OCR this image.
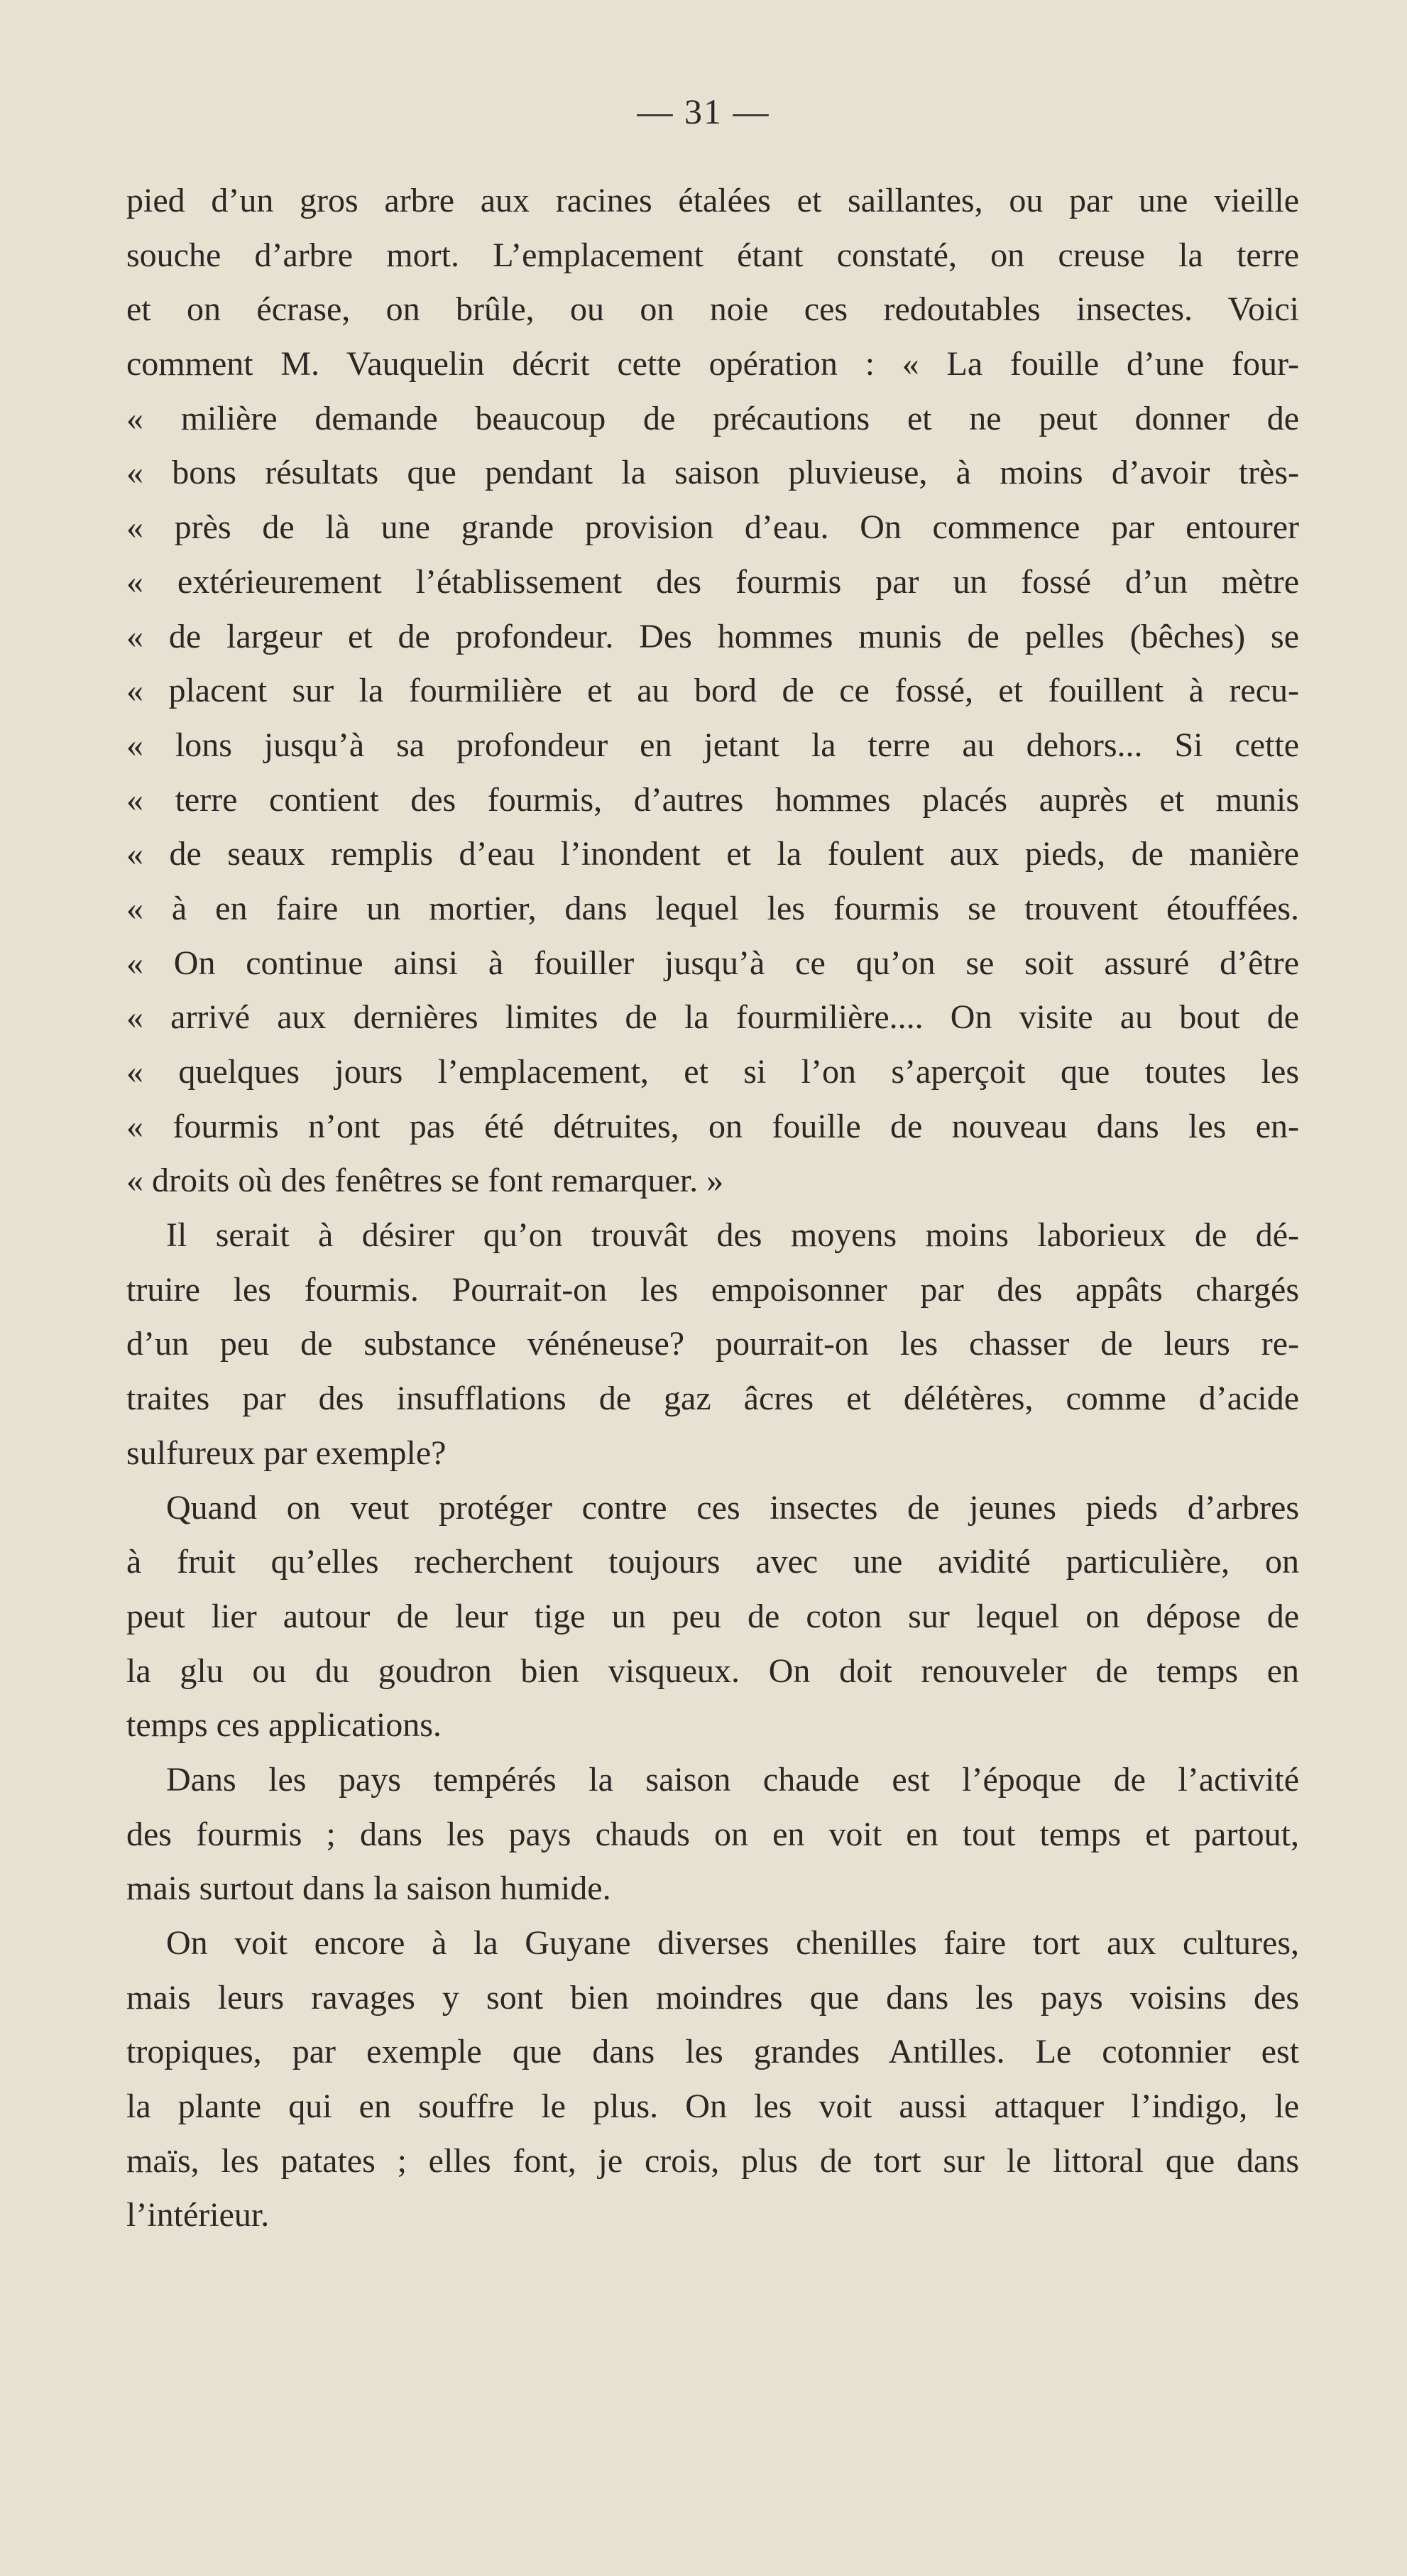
— 31 —
pied d’un gros arbre aux racines étalées et saillantes, ou par une vieille
souche d’arbre mort. L’emplacement étant constaté, on creuse la terre
et on écrase, on brûle, ou on noie ces redoutables insectes. Voici
comment M. Vauquelin décrit cette opération : « La fouille d’une four-
« milière demande beaucoup de précautions et ne peut donner de
« bons résultats que pendant la saison pluvieuse, à moins d’avoir très-
« près de là une grande provision d’eau. On commence par entourer
« extérieurement l’établissement des fourmis par un fossé d’un mètre
« de largeur et de profondeur. Des hommes munis de pelles (bêches) se
« placent sur la fourmilière et au bord de ce fossé, et fouillent à recu-
« lons jusqu’à sa profondeur en jetant la terre au dehors... Si cette
« terre contient des fourmis, d’autres hommes placés auprès et munis
« de seaux remplis d’eau l’inondent et la foulent aux pieds, de manière
« à en faire un mortier, dans lequel les fourmis se trouvent étouffées.
« On continue ainsi à fouiller jusqu’à ce qu’on se soit assuré d’être
« arrivé aux dernières limites de la fourmilière.... On visite au bout de
« quelques jours l’emplacement, et si l’on s’aperçoit que toutes les
« fourmis n’ont pas été détruites, on fouille de nouveau dans les en-
« droits où des fenêtres se font remarquer. »
Il serait à désirer qu’on trouvât des moyens moins laborieux de dé-
truire les fourmis. Pourrait-on les empoisonner par des appâts chargés
d’un peu de substance vénéneuse? pourrait-on les chasser de leurs re-
traites par des insufflations de gaz âcres et délétères, comme d’acide
sulfureux par exemple?
Quand on veut protéger contre ces insectes de jeunes pieds d’arbres
à fruit qu’elles recherchent toujours avec une avidité particulière, on
peut lier autour de leur tige un peu de coton sur lequel on dépose de
la glu ou du goudron bien visqueux. On doit renouveler de temps en
temps ces applications.
Dans les pays tempérés la saison chaude est l’époque de l’activité
des fourmis ; dans les pays chauds on en voit en tout temps et partout,
mais surtout dans la saison humide.
On voit encore à la Guyane diverses chenilles faire tort aux cultures,
mais leurs ravages y sont bien moindres que dans les pays voisins des
tropiques, par exemple que dans les grandes Antilles. Le cotonnier est
la plante qui en souffre le plus. On les voit aussi attaquer l’indigo, le
maïs, les patates ; elles font, je crois, plus de tort sur le littoral que dans
l’intérieur.
